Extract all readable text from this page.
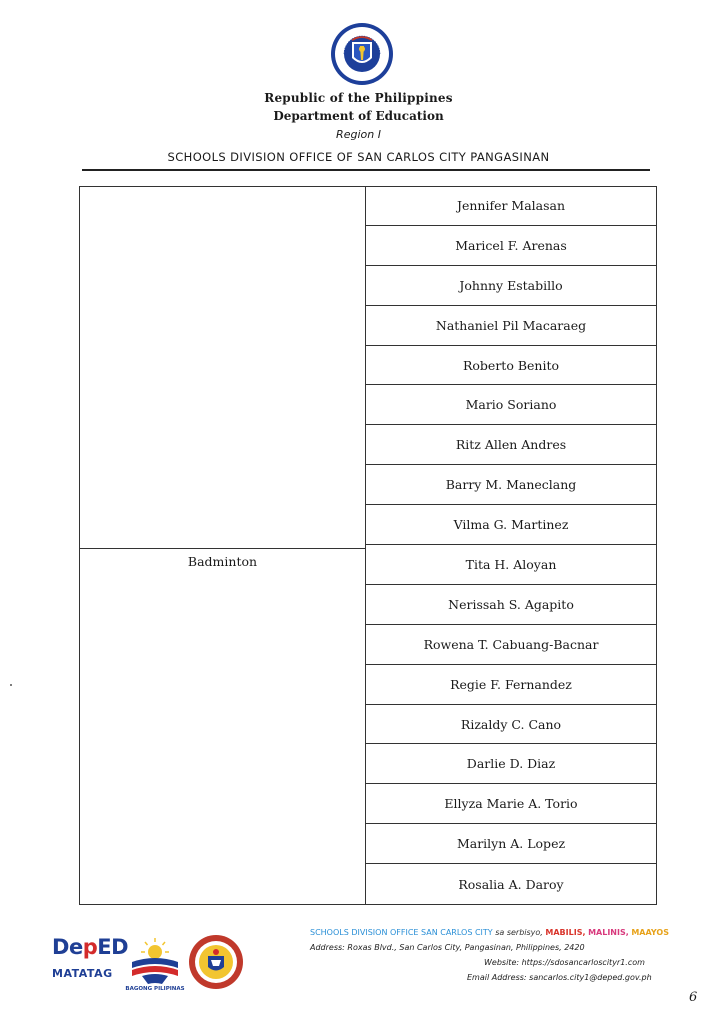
Republic of the Philippines
Department of Education
Region I
SCHOOLS DIVISION OFFICE OF SAN CARLOS CITY PANGASINAN
Badminton
Jennifer Malasan
Maricel F. Arenas
Johnny Estabillo
Nathaniel Pil Macaraeg
Roberto Benito
Mario Soriano
Ritz Allen Andres
Barry M. Maneclang
Vilma G. Martinez
Tita H. Aloyan
Nerissah S. Agapito
Rowena T. Cabuang-Bacnar
Regie F. Fernandez
Rizaldy C. Cano
Darlie D. Diaz
Ellyza Marie A. Torio
Marilyn A. Lopez
Rosalia A. Daroy
DepED
MATATAG
BAGONG PILIPINAS
SCHOOLS DIVISION OFFICE SAN CARLOS CITY sa serbisyo, MABILIS, MALINIS, MAAYOS
Address: Roxas Blvd., San Carlos City, Pangasinan, Philippines, 2420
Website: https://sdosancarloscityr1.com
Email Address: sancarlos.city1@deped.gov.ph
6
